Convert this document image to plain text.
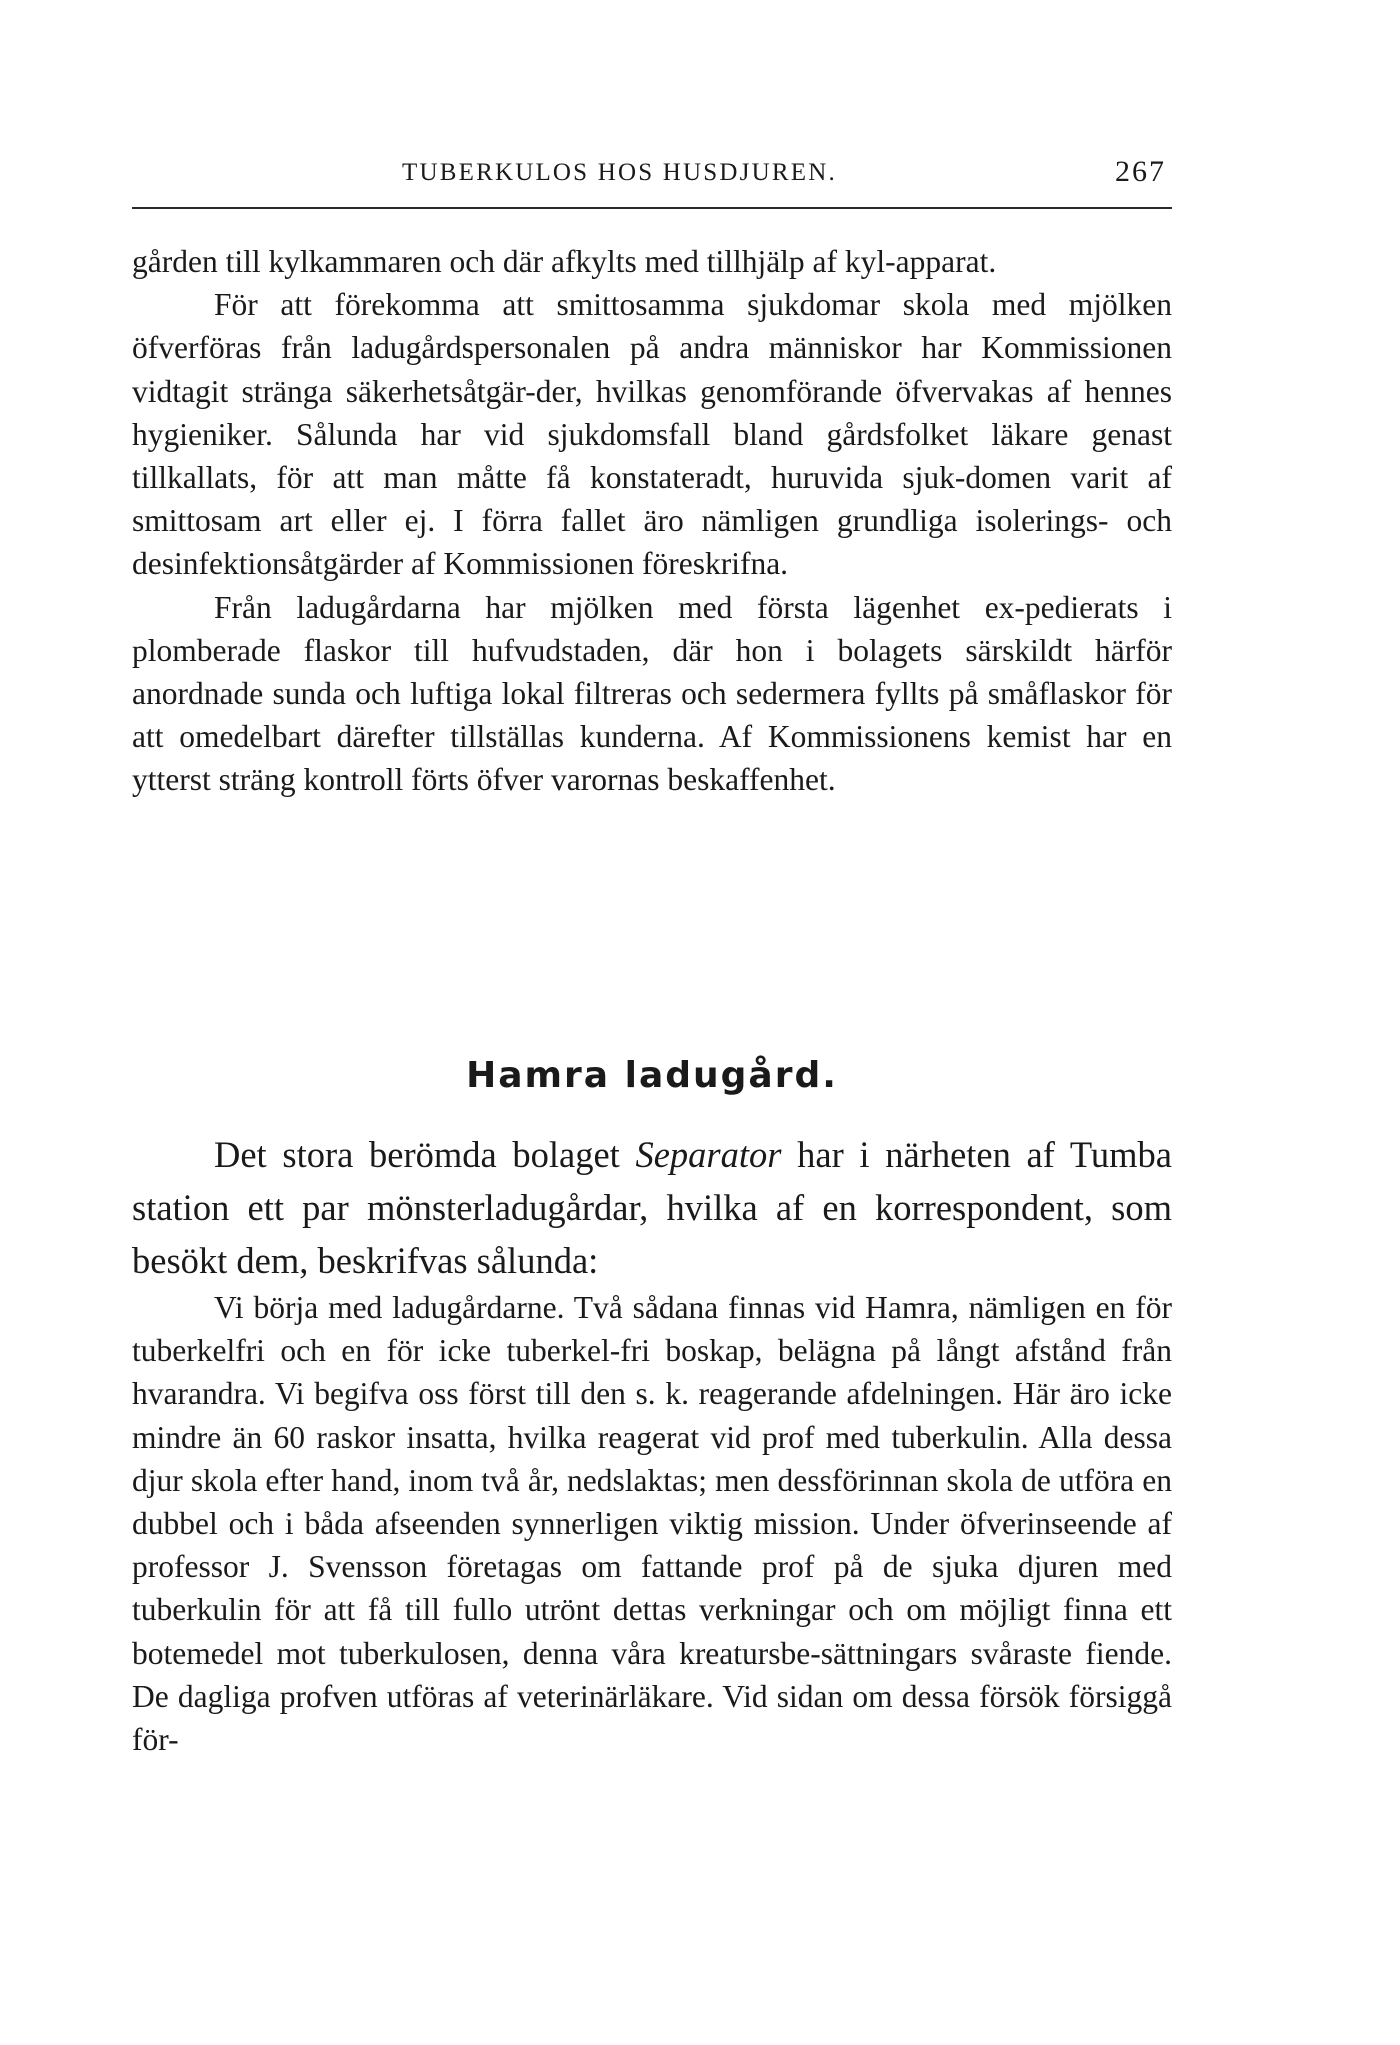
TUBERKULOS HOS HUSDJUREN.	267

gården till kylkammaren och där afkylts med tillhjälp af kyl-apparat.

För att förekomma att smittosamma sjukdomar skola med mjölken öfverföras från ladugårdspersonalen på andra människor har Kommissionen vidtagit stränga säkerhetsåtgär-der, hvilkas genomförande öfvervakas af hennes hygieniker. Sålunda har vid sjukdomsfall bland gårdsfolket läkare genast tillkallats, för att man måtte få konstateradt, huruvida sjuk-domen varit af smittosam art eller ej. I förra fallet äro nämligen grundliga isolerings- och desinfektionsåtgärder af Kommissionen föreskrifna.

Från ladugårdarna har mjölken med första lägenhet ex-pedierats i plomberade flaskor till hufvudstaden, där hon i bolagets särskildt härför anordnade sunda och luftiga lokal filtreras och sedermera fyllts på småflaskor för att omedelbart därefter tillställas kunderna. Af Kommissionens kemist har en ytterst sträng kontroll förts öfver varornas beskaffenhet.

Hamra ladugård.

Det stora berömda bolaget Separator har i närheten af Tumba station ett par mönsterladugårdar, hvilka af en korrespondent, som besökt dem, beskrifvas sålunda:

Vi börja med ladugårdarne. Två sådana finnas vid Hamra, nämligen en för tuberkelfri och en för icke tuberkel-fri boskap, belägna på långt afstånd från hvarandra. Vi begifva oss först till den s. k. reagerande afdelningen. Här äro icke mindre än 60 raskor insatta, hvilka reagerat vid prof med tuberkulin. Alla dessa djur skola efter hand, inom två år, nedslaktas; men dessförinnan skola de utföra en dubbel och i båda afseenden synnerligen viktig mission. Under öfverinseende af professor J. Svensson företagas om fattande prof på de sjuka djuren med tuberkulin för att få till fullo utrönt dettas verkningar och om möjligt finna ett botemedel mot tuberkulosen, denna våra kreatursbe-sättningars svåraste fiende. De dagliga profven utföras af veterinärläkare. Vid sidan om dessa försök försiggå för-
